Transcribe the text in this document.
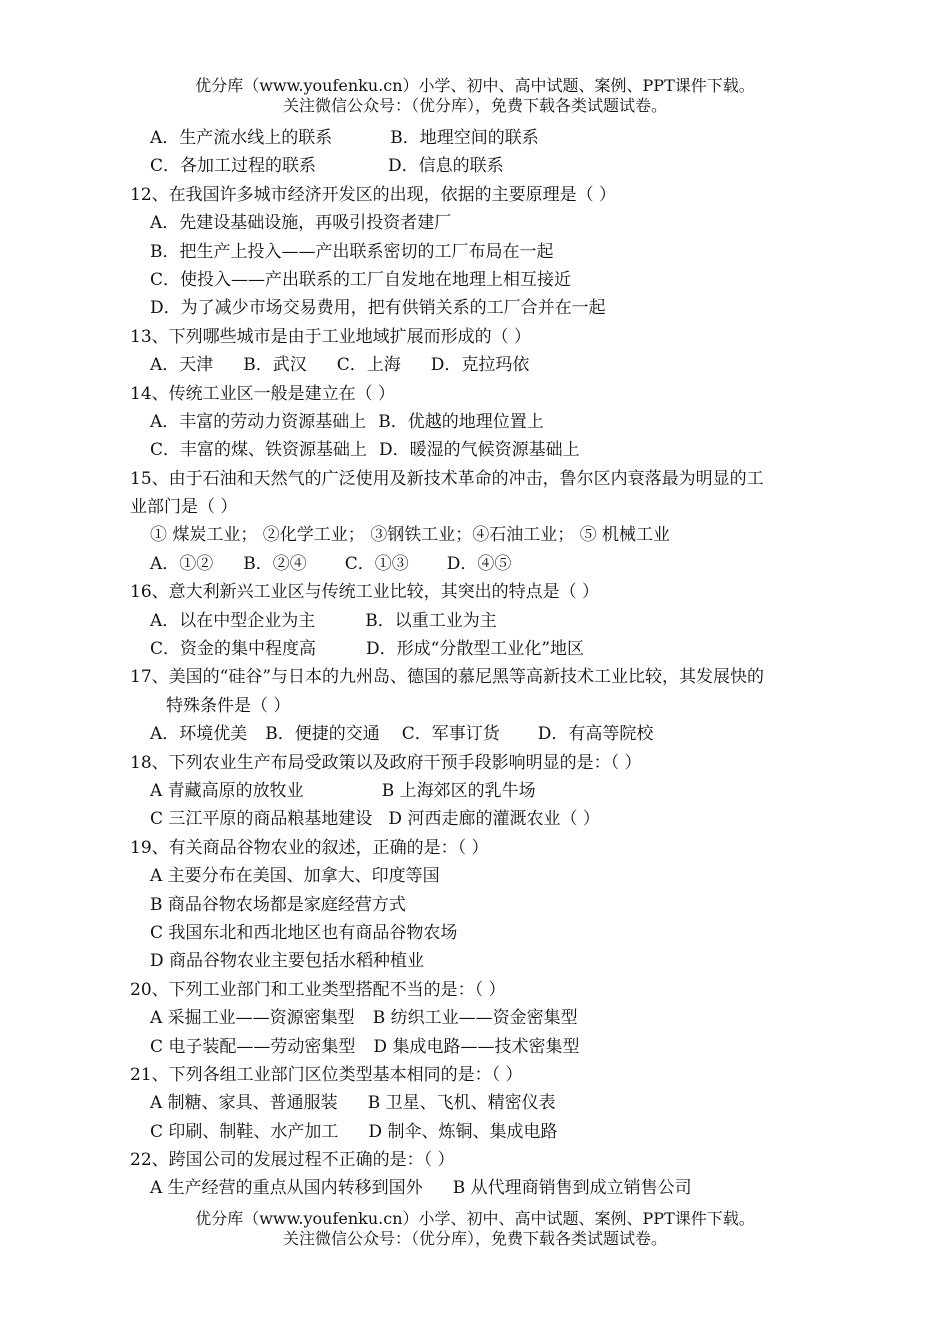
优分库（www.youfenku.cn）小学、初中、高中试题、案例、PPT课件下载。
关注微信公众号：（优分库），免费下载各类试题试卷。
A．生产流水线上的联系	B．地理空间的联系
C．各加工过程的联系	D．信息的联系
12、在我国许多城市经济开发区的出现，依据的主要原理是（ ）
A．先建设基础设施，再吸引投资者建厂
B．把生产上投入——产出联系密切的工厂布局在一起
C．使投入——产出联系的工厂自发地在地理上相互接近
D．为了减少市场交易费用，把有供销关系的工厂合并在一起
13、下列哪些城市是由于工业地域扩展而形成的（ ）
A．天津 B．武汉 C．上海 D．克拉玛依
14、传统工业区一般是建立在（ ）
A．丰富的劳动力资源基础上 B．优越的地理位置上
C．丰富的煤、铁资源基础上 D．暖湿的气候资源基础上
15、由于石油和天然气的广泛使用及新技术革命的冲击，鲁尔区内衰落最为明显的工
业部门是（ ）
① 煤炭工业； ②化学工业； ③钢铁工业；④石油工业； ⑤ 机械工业
A．①② B．②④ C．①③ D．④⑤
16、意大利新兴工业区与传统工业比较，其突出的特点是（ ）
A．以在中型企业为主	B．以重工业为主
C．资金的集中程度高	D．形成“分散型工业化”地区
17、美国的“硅谷”与日本的九州岛、德国的慕尼黑等高新技术工业比较，其发展快的
特殊条件是（ ）
A．环境优美 B．便捷的交通 C．军事订货 D．有高等院校
18、下列农业生产布局受政策以及政府干预手段影响明显的是：（ ）
A 青藏高原的放牧业	B 上海郊区的乳牛场
C 三江平原的商品粮基地建设 D 河西走廊的灌溉农业（ ）
19、有关商品谷物农业的叙述，正确的是：（ ）
A 主要分布在美国、加拿大、印度等国
B 商品谷物农场都是家庭经营方式
C 我国东北和西北地区也有商品谷物农场
D 商品谷物农业主要包括水稻种植业
20、下列工业部门和工业类型搭配不当的是：（ ）
A 采掘工业——资源密集型 B 纺织工业——资金密集型
C 电子装配——劳动密集型 D 集成电路——技术密集型
21、下列各组工业部门区位类型基本相同的是：（ ）
A 制糖、家具、普通服装 B 卫星、飞机、精密仪表
C 印刷、制鞋、水产加工 D 制伞、炼铜、集成电路
22、跨国公司的发展过程不正确的是：（ ）
A 生产经营的重点从国内转移到国外 B 从代理商销售到成立销售公司
优分库（www.youfenku.cn）小学、初中、高中试题、案例、PPT课件下载。
关注微信公众号：（优分库），免费下载各类试题试卷。
